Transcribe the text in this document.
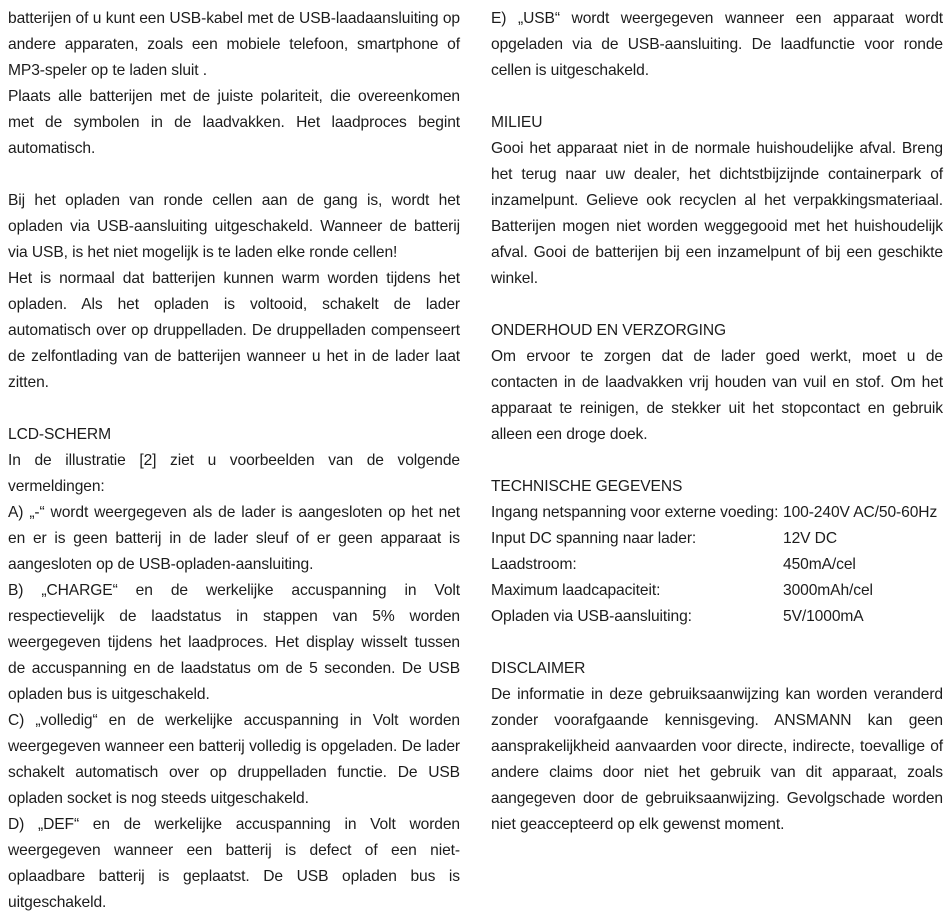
batterijen of u kunt een USB-kabel met de USB-laadaansluiting op andere apparaten, zoals een mobiele telefoon, smartphone of MP3-speler op te laden sluit .

Plaats alle batterijen met de juiste polariteit, die overeenkomen met de symbolen in de laadvakken. Het laadproces begint automatisch.

Bij het opladen van ronde cellen aan de gang is, wordt het opladen via USB-aansluiting uitgeschakeld. Wanneer de batterij via USB, is het niet mogelijk is te laden elke ronde cellen!

Het is normaal dat batterijen kunnen warm worden tijdens het opladen. Als het opladen is voltooid, schakelt de lader automatisch over op druppelladen. De druppelladen compenseert de zelfontlading van de batterijen wanneer u het in de lader laat zitten.

LCD-SCHERM

In de illustratie [2] ziet u voorbeelden van de volgende vermeldingen:

A) „-“ wordt weergegeven als de lader is aangesloten op het net en er is geen batterij in de lader sleuf of er geen apparaat is aangesloten op de USB-opladen-aansluiting.

B) „CHARGE“ en de werkelijke accuspanning in Volt respectievelijk de laadstatus in stappen van 5% worden weergegeven tijdens het laadproces. Het display wisselt tussen de accuspanning en de laadstatus om de 5 seconden. De USB opladen bus is uitgeschakeld.

C) „volledig“ en de werkelijke accuspanning in Volt worden weergegeven wanneer een batterij volledig is opgeladen. De lader schakelt automatisch over op druppelladen functie. De USB opladen socket is nog steeds uitgeschakeld.

D) „DEF“ en de werkelijke accuspanning in Volt worden weergegeven wanneer een batterij is defect of een niet-oplaadbare batterij is geplaatst. De USB opladen bus is uitgeschakeld.

E) „USB“ wordt weergegeven wanneer een apparaat wordt opgeladen via de USB-aansluiting. De laadfunctie voor ronde cellen is uitgeschakeld.

MILIEU

Gooi het apparaat niet in de normale huishoudelijke afval. Breng het terug naar uw dealer, het dichtstbijzijnde containerpark of inzamelpunt. Gelieve ook recyclen al het verpakkingsmateriaal. Batterijen mogen niet worden weggegooid met het huishoudelijk afval. Gooi de batterijen bij een inzamelpunt of bij een geschikte winkel.

ONDERHOUD EN VERZORGING

Om ervoor te zorgen dat de lader goed werkt, moet u de contacten in de laadvakken vrij houden van vuil en stof. Om het apparaat te reinigen, de stekker uit het stopcontact en gebruik alleen een droge doek.

TECHNISCHE GEGEVENS
Ingang netspanning voor externe voeding:	100-240V AC/50-60Hz
Input DC spanning naar lader:	12V DC
Laadstroom:	450mA/cel
Maximum laadcapaciteit:	3000mAh/cel
Opladen via USB-aansluiting:	5V/1000mA
DISCLAIMER

De informatie in deze gebruiksaanwijzing kan worden veranderd zonder voorafgaande kennisgeving. ANSMANN kan geen aansprakelijkheid aanvaarden voor directe, indirecte, toevallige of andere claims door niet het gebruik van dit apparaat, zoals aangegeven door de gebruiksaanwijzing. Gevolgschade worden niet geaccepteerd op elk gewenst moment.
